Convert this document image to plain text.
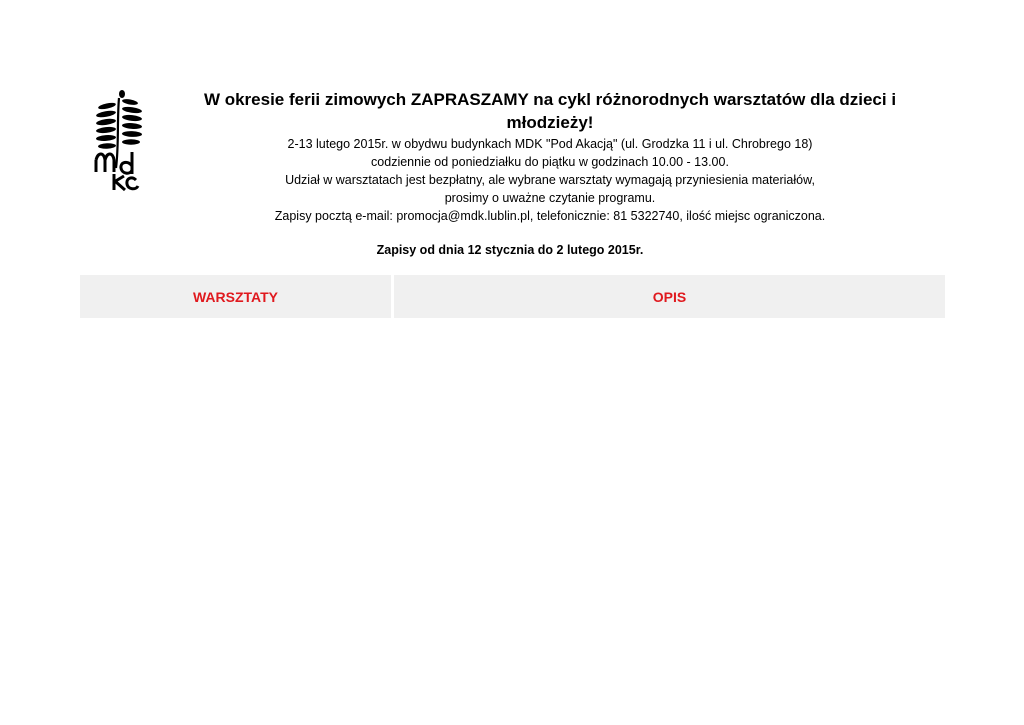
W okresie ferii zimowych ZAPRASZAMY na cykl różnorodnych warsztatów dla dzieci i
młodzieży!
2-13 lutego 2015r. w obydwu budynkach MDK "Pod Akacją" (ul. Grodzka 11 i ul. Chrobrego 18)
codziennie od poniedziałku do piątku w godzinach 10.00 - 13.00.
Udział w warsztatach jest bezpłatny, ale wybrane warsztaty wymagają przyniesienia materiałów,
prosimy o uważne czytanie programu.
Zapisy pocztą e-mail: promocja@mdk.lublin.pl, telefonicznie: 81 5322740, ilość miejsc ograniczona.
Zapisy od dnia 12 stycznia do 2 lutego 2015r.
WARSZTATY	OPIS
